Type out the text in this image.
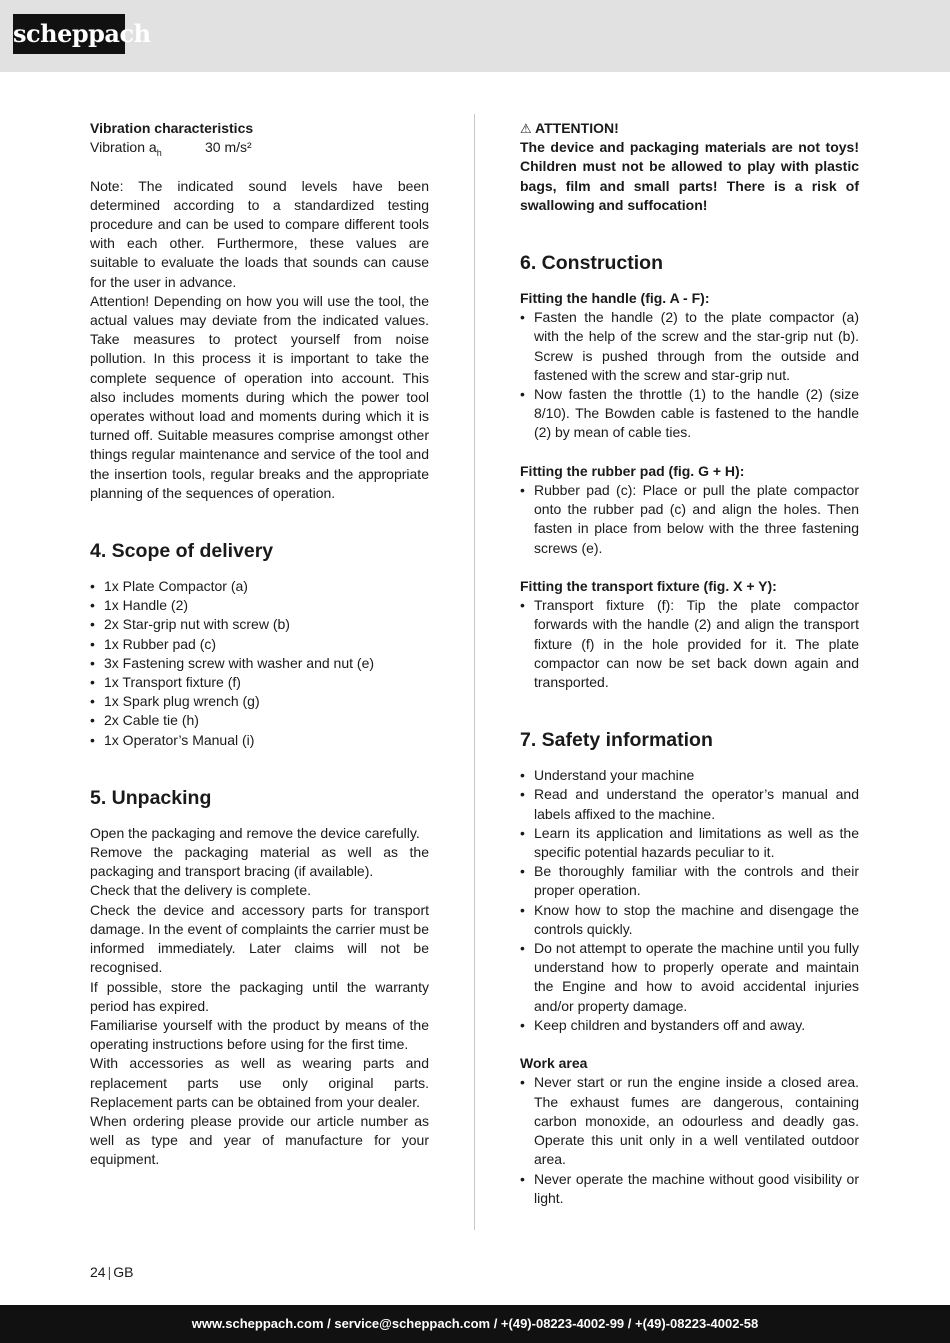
scheppach

Vibration characteristics

Vibration $a_h$	30 m/s²

Note: The indicated sound levels have been determined according to a standardized testing procedure and can be used to compare different tools with each other. Furthermore, these values are suitable to evaluate the loads that sounds can cause for the user in advance.

Attention! Depending on how you will use the tool, the actual values may deviate from the indicated values. Take measures to protect yourself from noise pollution. In this process it is important to take the complete sequence of operation into account. This also includes moments during which the power tool operates without load and moments during which it is turned off. Suitable measures comprise amongst other things regular maintenance and service of the tool and the insertion tools, regular breaks and the appropriate planning of the sequences of operation.

4. Scope of delivery
• 1x Plate Compactor (a)
• 1x Handle (2)
• 2x Star-grip nut with screw (b)
• 1x Rubber pad (c)
• 3x Fastening screw with washer and nut (e)
• 1x Transport fixture (f)
• 1x Spark plug wrench (g)
• 2x Cable tie (h)
• 1x Operator’s Manual (i)
5. Unpacking

Open the packaging and remove the device carefully.

Remove the packaging material as well as the packaging and transport bracing (if available).

Check that the delivery is complete.

Check the device and accessory parts for transport damage. In the event of complaints the carrier must be informed immediately. Later claims will not be recognised.

If possible, store the packaging until the warranty period has expired.

Familiarise yourself with the product by means of the operating instructions before using for the first time.

With accessories as well as wearing parts and replacement parts use only original parts. Replacement parts can be obtained from your dealer.

When ordering please provide our article number as well as type and year of manufacture for your equipment.

⚠ ATTENTION!

The device and packaging materials are not toys! Children must not be allowed to play with plastic bags, film and small parts! There is a risk of swallowing and suffocation!

6. Construction

Fitting the handle (fig. A - F):

• Fasten the handle (2) to the plate compactor (a) with the help of the screw and the star-grip nut (b). Screw is pushed through from the outside and fastened with the screw and star-grip nut.
• Now fasten the throttle (1) to the handle (2) (size 8/10). The Bowden cable is fastened to the handle (2) by mean of cable ties.

Fitting the rubber pad (fig. G + H):

• Rubber pad (c): Place or pull the plate compactor onto the rubber pad (c) and align the holes. Then fasten in place from below with the three fastening screws (e).

Fitting the transport fixture (fig. X + Y):

• Transport fixture (f): Tip the plate compactor forwards with the handle (2) and align the transport fixture (f) in the hole provided for it. The plate compactor can now be set back down again and transported.
7. Safety information
• Understand your machine
• Read and understand the operator’s manual and labels affixed to the machine.
• Learn its application and limitations as well as the specific potential hazards peculiar to it.
• Be thoroughly familiar with the controls and their proper operation.
• Know how to stop the machine and disengage the controls quickly.
• Do not attempt to operate the machine until you fully understand how to properly operate and maintain the Engine and how to avoid accidental injuries and/or property damage.
• Keep children and bystanders off and away.

Work area

• Never start or run the engine inside a closed area. The exhaust fumes are dangerous, containing carbon monoxide, an odourless and deadly gas. Operate this unit only in a well ventilated outdoor area.
• Never operate the machine without good visibility or light.
24 | GB
www.scheppach.com / service@scheppach.com / +(49)-08223-4002-99 / +(49)-08223-4002-58
